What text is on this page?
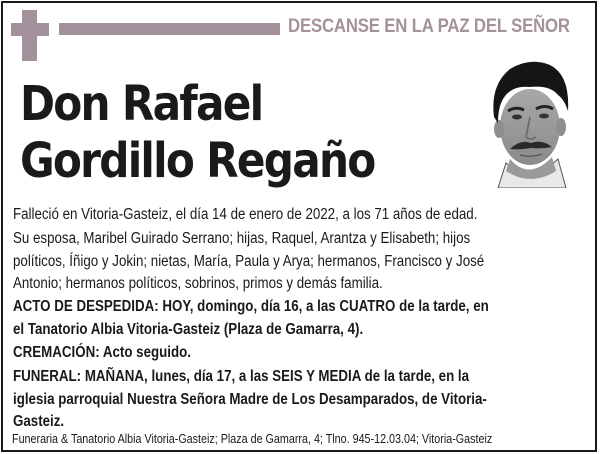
DESCANSE EN LA PAZ DEL SEÑOR
Don Rafael
Gordillo Regaño
Falleció en Vitoria-Gasteiz, el día 14 de enero de 2022, a los 71 años de edad.
Su esposa, Maribel Guirado Serrano; hijas, Raquel, Arantza y Elisabeth; hijos
políticos, Íñigo y Jokin; nietas, María, Paula y Arya; hermanos, Francisco y José
Antonio; hermanos políticos, sobrinos, primos y demás familia.
ACTO DE DESPEDIDA: HOY, domingo, día 16, a las CUATRO de la tarde, en
el Tanatorio Albia Vitoria-Gasteiz (Plaza de Gamarra, 4).
CREMACIÓN: Acto seguido.
FUNERAL: MAÑANA, lunes, día 17, a las SEIS Y MEDIA de la tarde, en la
iglesia parroquial Nuestra Señora Madre de Los Desamparados, de Vitoria-
Gasteiz.
Funeraria & Tanatorio Albia Vitoria-Gasteiz; Plaza de Gamarra, 4; Tlno. 945-12.03.04; Vitoria-Gasteiz
